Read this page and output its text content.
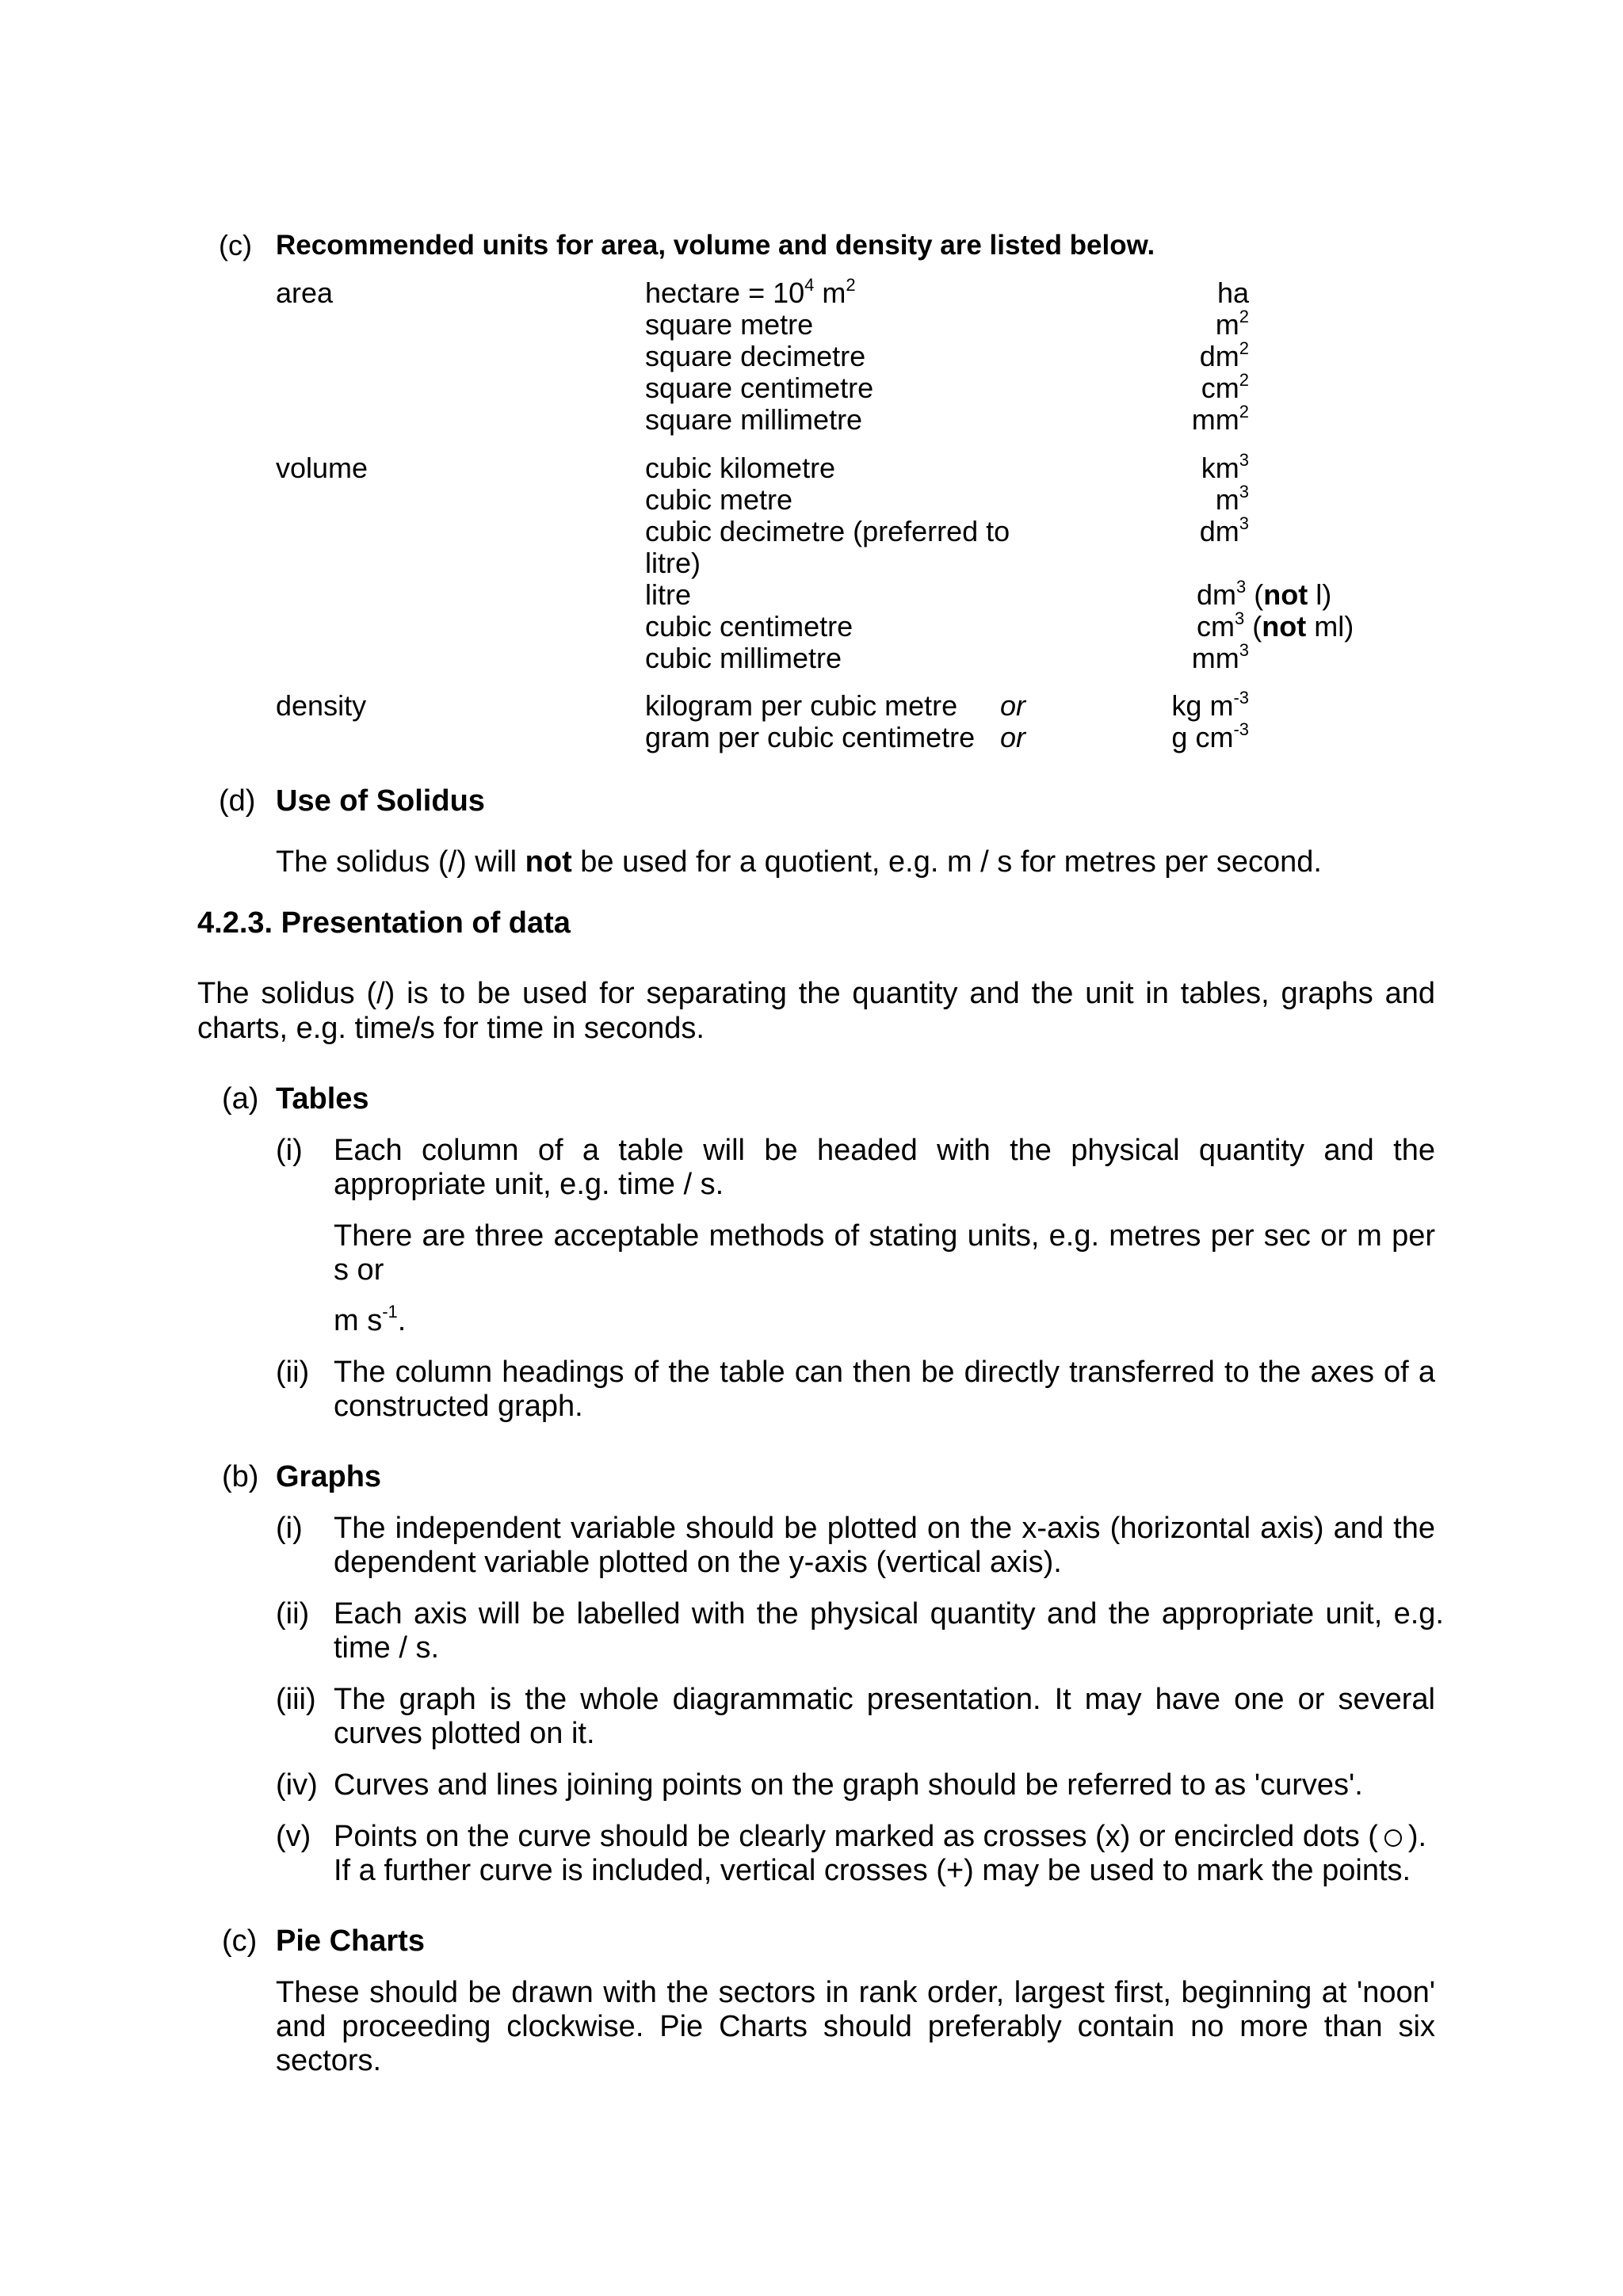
(c) Recommended units for area, volume and density are listed below.
area	hectare = $10^4$ $m^2$	ha
square metre	$m^2$
square decimetre	$dm^2$
square centimetre	$cm^2$
square millimetre	$mm^2$
volume	cubic kilometre	$km^3$
cubic metre	$m^3$
cubic decimetre (preferred to	$dm^3$
litre)
litre	$dm^3$ (not l)
cubic centimetre	$cm^3$ (not ml)
cubic millimetre	$mm^3$
density	kilogram per cubic metre or	kg $m^{-3}$
gram per cubic centimetre or	g $cm^{-3}$
(d) Use of Solidus
The solidus (/) will not be used for a quotient, e.g. m / s for metres per second.
4.2.3. Presentation of data
The solidus (/) is to be used for separating the quantity and the unit in tables, graphs and
charts, e.g. time/s for time in seconds.
(a) Tables
(i) Each column of a table will be headed with the physical quantity and the
appropriate unit, e.g. time / s.
There are three acceptable methods of stating units, e.g. metres per sec or m per
s or
m $s^{-1}$.
(ii) The column headings of the table can then be directly transferred to the axes of a
constructed graph.
(b) Graphs
(i) The independent variable should be plotted on the x-axis (horizontal axis) and the
dependent variable plotted on the y-axis (vertical axis).
(ii) Each axis will be labelled with the physical quantity and the appropriate unit, e.g.
time / s.
(iii) The graph is the whole diagrammatic presentation. It may have one or several
curves plotted on it.
(iv) Curves and lines joining points on the graph should be referred to as 'curves'.
(v) Points on the curve should be clearly marked as crosses (x) or encircled dots ( ).
If a further curve is included, vertical crosses (+) may be used to mark the points.
(c) Pie Charts
These should be drawn with the sectors in rank order, largest first, beginning at 'noon'
and proceeding clockwise. Pie Charts should preferably contain no more than six
sectors.
